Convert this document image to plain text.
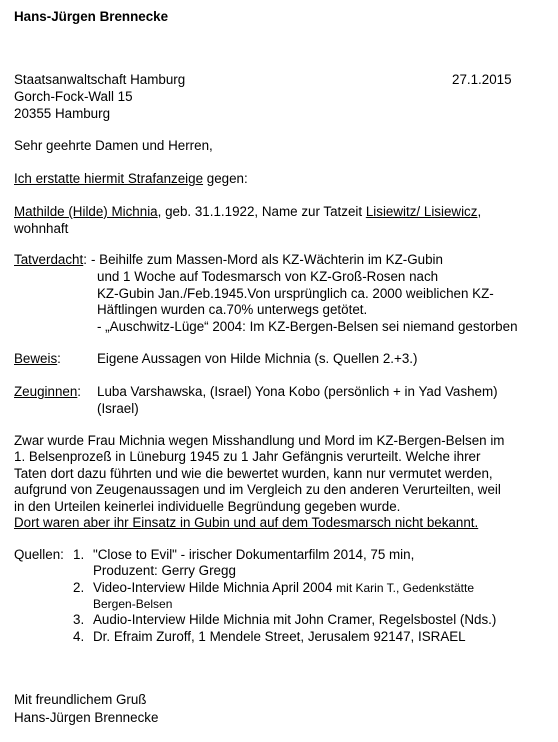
Hans-Jürgen Brennecke
Staatsanwaltschaft Hamburg
Gorch-Fock-Wall 15
20355 Hamburg
27.1.2015
Sehr geehrte Damen und Herren,
Ich erstatte hiermit Strafanzeige gegen:
Mathilde (Hilde) Michnia, geb. 31.1.1922, Name zur Tatzeit Lisiewitz/ Lisiewicz,
wohnhaft
Tatverdacht: - Beihilfe zum Massen-Mord als KZ-Wächterin im KZ-Gubin
und 1 Woche auf Todesmarsch von KZ-Groß-Rosen nach
KZ-Gubin Jan./Feb.1945.Von ursprünglich ca. 2000 weiblichen KZ-
Häftlingen wurden ca.70% unterwegs getötet.
- „Auschwitz-Lüge“ 2004: Im KZ-Bergen-Belsen sei niemand gestorben
Beweis:	Eigene Aussagen von Hilde Michnia (s. Quellen 2.+3.)
Zeuginnen: Luba Varshawska, (Israel) Yona Kobo (persönlich + in Yad Vashem)
(Israel)
Zwar wurde Frau Michnia wegen Misshandlung und Mord im KZ-Bergen-Belsen im
1. Belsenprozeß in Lüneburg 1945 zu 1 Jahr Gefängnis verurteilt. Welche ihrer
Taten dort dazu führten und wie die bewertet wurden, kann nur vermutet werden,
aufgrund von Zeugenaussagen und im Vergleich zu den anderen Verurteilten, weil
in den Urteilen keinerlei individuelle Begründung gegeben wurde.
Dort waren aber ihr Einsatz in Gubin und auf dem Todesmarsch nicht bekannt.
Quellen: 1. "Close to Evil" - irischer Dokumentarfilm 2014, 75 min,
Produzent: Gerry Gregg
2. Video-Interview Hilde Michnia April 2004 mit Karin T., Gedenkstätte
Bergen-Belsen
3. Audio-Interview Hilde Michnia mit John Cramer, Regelsbostel (Nds.)
4. Dr. Efraim Zuroff, 1 Mendele Street, Jerusalem 92147, ISRAEL
Mit freundlichem Gruß
Hans-Jürgen Brennecke
